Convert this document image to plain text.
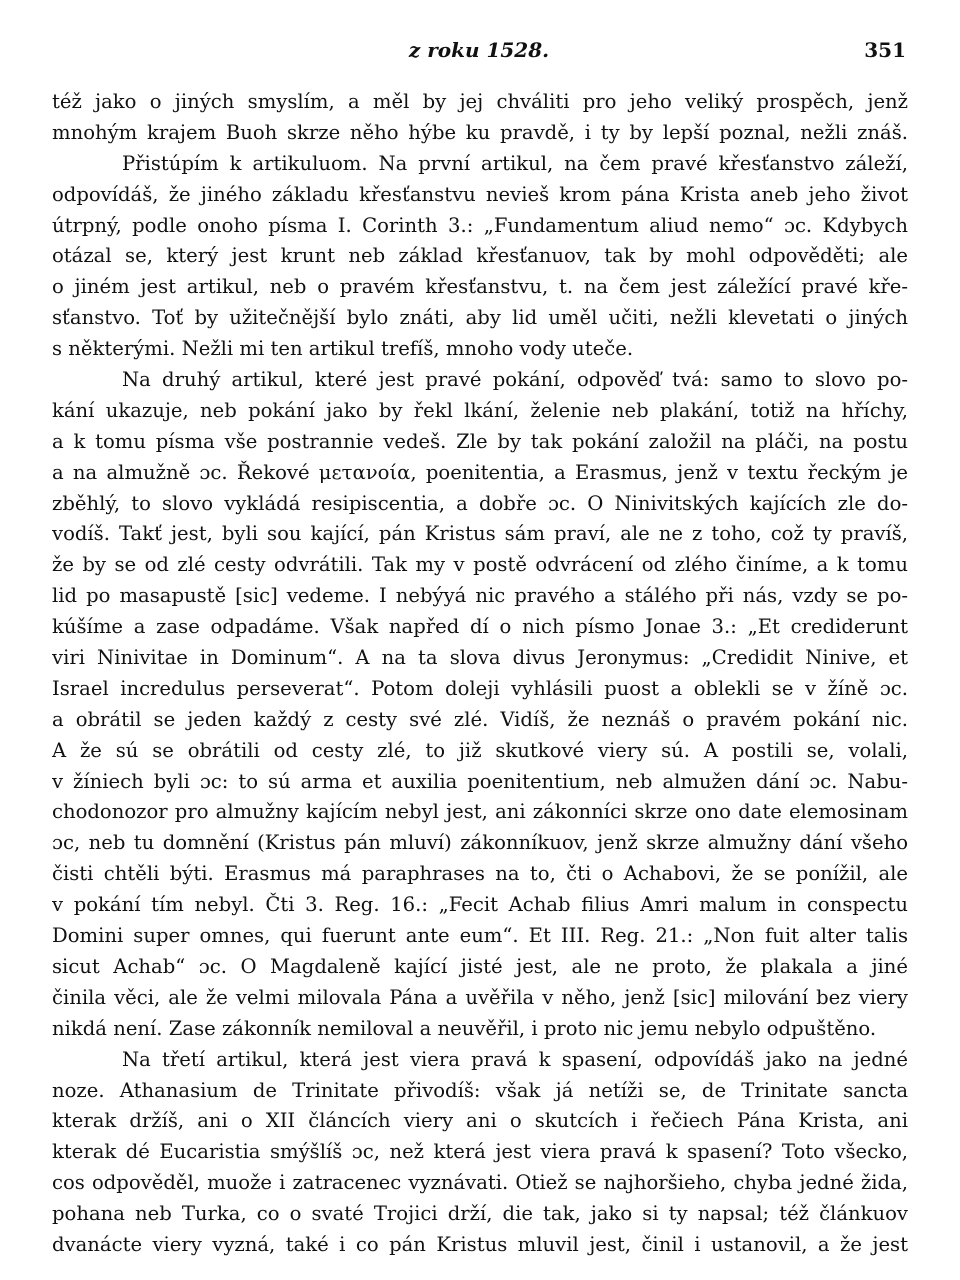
z roku 1528.	351
též jako o jiných smyslím, a měl by jej chváliti pro jeho veliký prospěch, jenž
mnohým krajem Buoh skrze něho hýbe ku pravdě, i ty by lepší poznal, nežli znáš.
Přistúpím k artikuluom. Na první artikul, na čem pravé křesťanstvo záleží,
odpovídáš, že jiného základu křesťanstvu nevieš krom pána Krista aneb jeho život
útrpný, podle onoho písma I. Corinth 3.: „Fundamentum aliud nemo“ ɔc. Kdybych
otázal se, který jest krunt neb základ křesťanuov, tak by mohl odpověděti; ale
o jiném jest artikul, neb o pravém křesťanstvu, t. na čem jest záležící pravé kře-
sťanstvo. Toť by užitečnější bylo znáti, aby lid uměl učiti, nežli klevetati o jiných
s některými. Nežli mi ten artikul trefíš, mnoho vody uteče.
Na druhý artikul, které jest pravé pokání, odpověď tvá: samo to slovo po-
kání ukazuje, neb pokání jako by řekl lkání, želenie neb plakání, totiž na hříchy,
a k tomu písma vše postrannie vedeš. Zle by tak pokání založil na pláči, na postu
a na almužně ɔc. Řekové μετανοία, poenitentia, a Erasmus, jenž v textu řeckým je
zběhlý, to slovo vykládá resipiscentia, a dobře ɔc. O Ninivitských kajících zle do-
vodíš. Takť jest, byli sou kající, pán Kristus sám praví, ale ne z toho, což ty pravíš,
že by se od zlé cesty odvrátili. Tak my v postě odvrácení od zlého činíme, a k tomu
lid po masapustě [sic] vedeme. I nebýyá nic pravého a stálého při nás, vzdy se po-
kúšíme a zase odpadáme. Však napřed dí o nich písmo Jonae 3.: „Et crediderunt
viri Ninivitae in Dominum“. A na ta slova divus Jeronymus: „Credidit Ninive, et
Israel incredulus perseverat“. Potom doleji vyhlásili puost a oblekli se v žíně ɔc.
a obrátil se jeden každý z cesty své zlé. Vidíš, že neznáš o pravém pokání nic.
A že sú se obrátili od cesty zlé, to již skutkové viery sú. A postili se, volali,
v žíniech byli ɔc: to sú arma et auxilia poenitentium, neb almužen dání ɔc. Nabu-
chodonozor pro almužny kajícím nebyl jest, ani zákonníci skrze ono date elemosinam
ɔc, neb tu domnění (Kristus pán mluví) zákonníkuov, jenž skrze almužny dání všeho
čisti chtěli býti. Erasmus má paraphrases na to, čti o Achabovi, že se ponížil, ale
v pokání tím nebyl. Čti 3. Reg. 16.: „Fecit Achab filius Amri malum in conspectu
Domini super omnes, qui fuerunt ante eum“. Et III. Reg. 21.: „Non fuit alter talis
sicut Achab“ ɔc. O Magdaleně kající jisté jest, ale ne proto, že plakala a jiné
činila věci, ale že velmi milovala Pána a uvěřila v něho, jenž [sic] milování bez viery
nikdá není. Zase zákonník nemiloval a neuvěřil, i proto nic jemu nebylo odpuštěno.
Na třetí artikul, která jest viera pravá k spasení, odpovídáš jako na jedné
noze. Athanasium de Trinitate přivodíš: však já netíži se, de Trinitate sancta
kterak držíš, ani o XII článcích viery ani o skutcích i řečiech Pána Krista, ani
kterak dé Eucaristia smýšlíš ɔc, než která jest viera pravá k spasení? Toto všecko,
cos odpověděl, muože i zatracenec vyznávati. Otiež se najhoršieho, chyba jedné žida,
pohana neb Turka, co o svaté Trojici drží, die tak, jako si ty napsal; též článkuov
dvanácte viery vyzná, také i co pán Kristus mluvil jest, činil i ustanovil, a že jest
